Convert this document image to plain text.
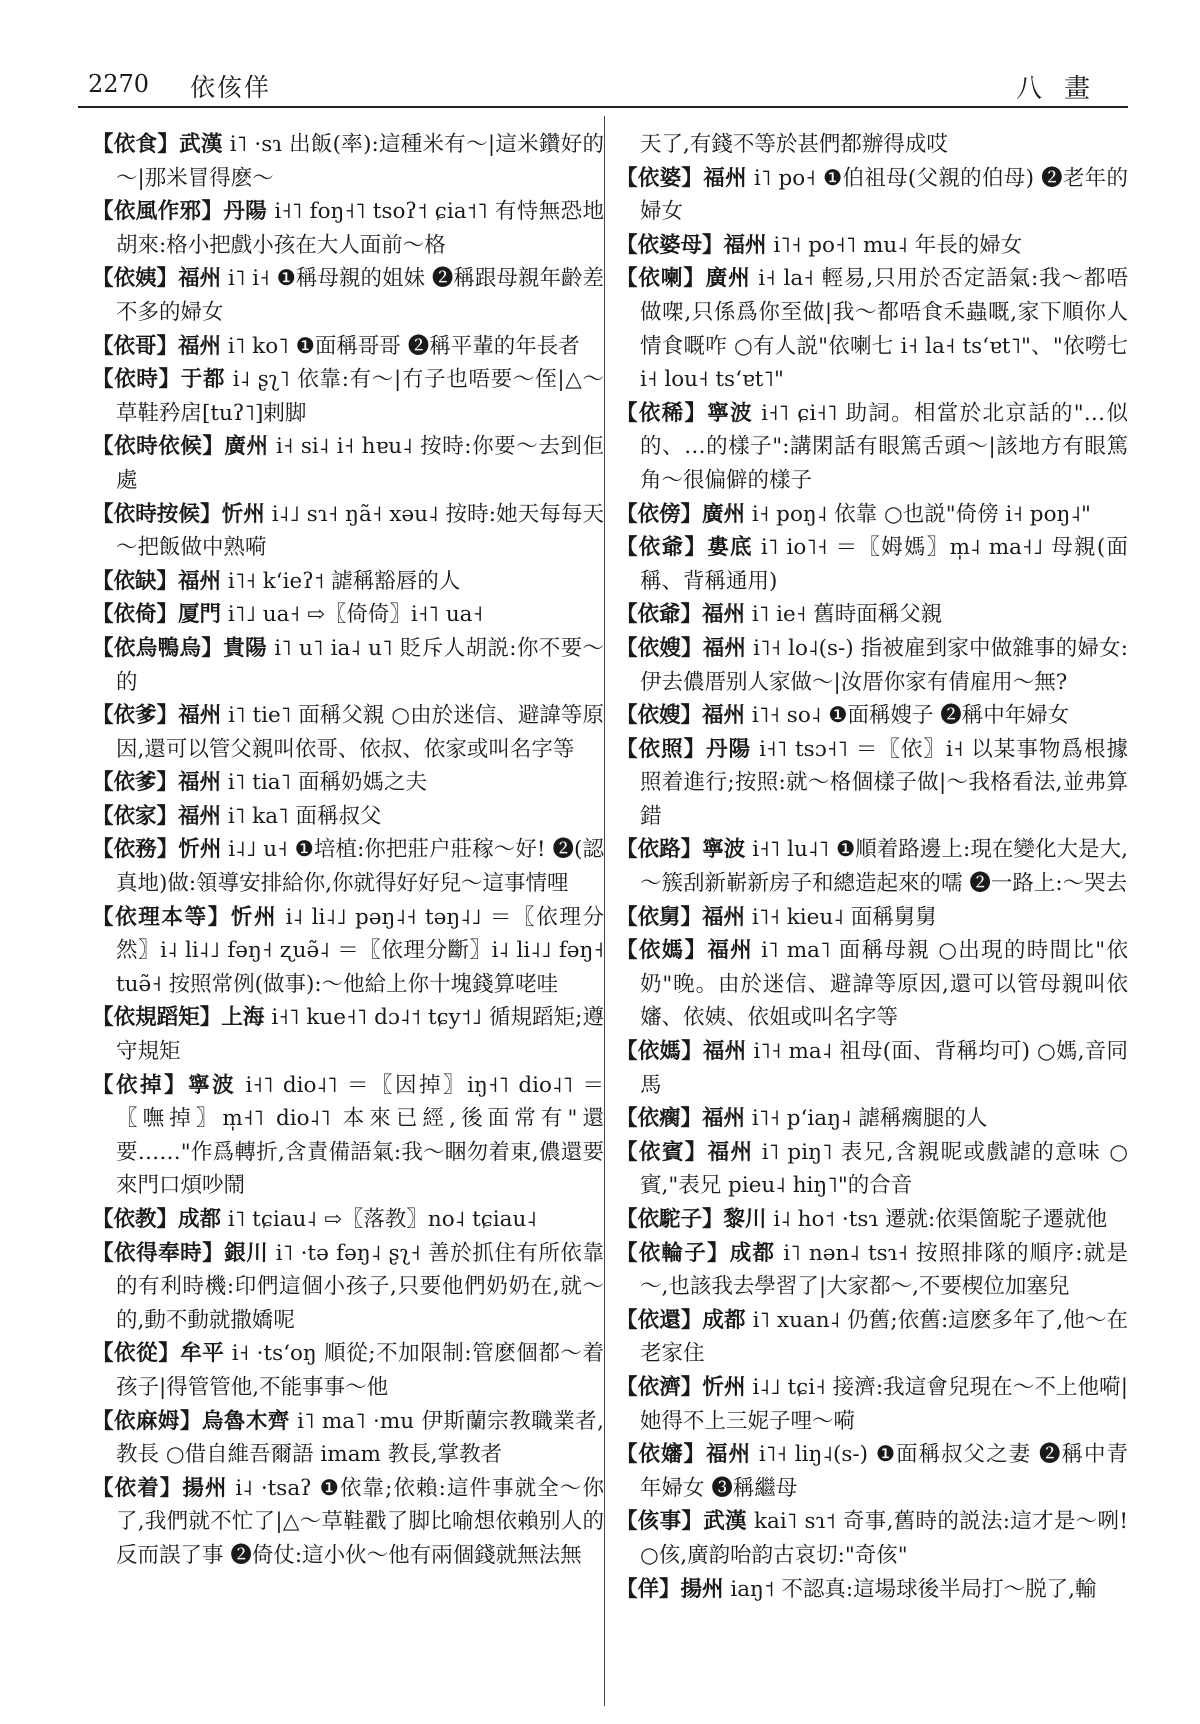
2270 依侅佯	八畫

【依食】武漢 i˥ ·sɿ 出飯(率):這種米有～|這米鑽好的～|那米冒得麽～

【依風作邪】丹陽 i˧˥ foŋ˧˥ tsoʔ˦ ɕia˦˥ 有恃無恐地胡來:格小把戲小孩在大人面前～格

【依姨】福州 i˥ i˧ ❶稱母親的姐妹 ❷稱跟母親年齡差不多的婦女

【依哥】福州 i˥ ko˥ ❶面稱哥哥 ❷稱平輩的年長者

【依時】于都 i˨ ʂʅ˥ 依靠:有～|冇子也唔要～侄|△～草鞋矜扂[tuʔ˥]剌脚

【依時依候】廣州 i˧ si˨ i˧ hɐu˨ 按時:你要～去到佢處

【依時按候】忻州 i˨˩ sɿ˧ ŋã˧ xəu˨ 按時:她天每每天～把飯做中熟嗬

【依缺】福州 i˥˧ kʻieʔ˦ 謔稱豁唇的人

【依倚】厦門 i˥˩ ua˧ ⇨〖倚倚〗i˧˥ ua˧

【依烏鴨烏】貴陽 i˥ u˥ ia˨ u˥ 貶斥人胡説:你不要～的

【依爹】福州 i˥ tie˥ 面稱父親 ○由於迷信、避諱等原因,還可以管父親叫依哥、依叔、依家或叫名字等

【依爹】福州 i˥ tia˥ 面稱奶媽之夫

【依家】福州 i˥ ka˥ 面稱叔父

【依務】忻州 i˨˩ u˧ ❶培植:你把莊户莊稼～好! ❷(認真地)做:領導安排給你,你就得好好兒～這事情哩

【依理本等】忻州 i˨ li˨˩ pəŋ˨˧ təŋ˨˩ ＝〖依理分然〗i˨ li˨˩ fəŋ˧ ʐuə̃˨ ＝〖依理分斷〗i˨ li˨˩ fəŋ˧ tuə̃˧ 按照常例(做事):～他給上你十塊錢算咾哇

【依規蹈矩】上海 i˧˥ kue˧˥ dɔ˨˦ tɕy˦˩ 循規蹈矩;遵守規矩

【依掉】寧波 i˧˥ dio˨˥ ＝〖因掉〗iŋ˧˥ dio˨˥ ＝〖嘸掉〗m̩˧˥ dio˨˥ 本來已經,後面常有"還要……"作爲轉折,含責備語氣:我～睏勿着東,儂還要來門口煩吵鬧

【依教】成都 i˥ tɕiau˨ ⇨〖落教〗no˨ tɕiau˨

【依得奉時】銀川 i˥ ·tə fəŋ˨ ʂʅ˧ 善於抓住有所依靠的有利時機:印們這個小孩子,只要他們奶奶在,就～的,動不動就撒嬌呢

【依從】牟平 i˧ ·tsʻoŋ 順從;不加限制:管麽個都～着孩子|得管管他,不能事事～他

【依麻姆】烏魯木齊 i˥ ma˥ ·mu 伊斯蘭宗教職業者,教長 ○借自維吾爾語 imam 教長,掌教者

【依着】揚州 i˨ ·tsaʔ ❶依靠;依賴:這件事就全～你了,我們就不忙了|△～草鞋戳了脚比喻想依賴别人的反而誤了事 ❷倚仗:這小伙～他有兩個錢就無法無

天了,有錢不等於甚們都辦得成哎

【依婆】福州 i˥ po˧ ❶伯祖母(父親的伯母) ❷老年的婦女

【依婆母】福州 i˥˧ po˧˥ mu˨ 年長的婦女

【依喇】廣州 i˧ la˧ 輕易,只用於否定語氣:我～都唔做㗎,只係爲你至做|我～都唔食禾蟲嘅,家下順你人情食嘅咋 ○有人説"依喇七 i˧ la˧ tsʻɐt˥"、"依嘮七 i˧ lou˧ tsʻɐt˥"

【依稀】寧波 i˧˥ ɕi˧˥ 助詞。相當於北京話的"…似的、…的樣子":講閑話有眼篤舌頭～|該地方有眼篤角～很偏僻的樣子

【依傍】廣州 i˧ poŋ˨ 依靠 ○也説"倚傍 i˧ poŋ˨"

【依爺】婁底 i˥ io˥˧ ＝〖姆媽〗m̩˨ ma˧˩ 母親(面稱、背稱通用)

【依爺】福州 i˥ ie˧ 舊時面稱父親

【依嫂】福州 i˥˧ lo˨(s-) 指被雇到家中做雜事的婦女:伊去儂厝别人家做～|汝厝你家有倩雇用～無?

【依嫂】福州 i˥˧ so˨ ❶面稱嫂子 ❷稱中年婦女

【依照】丹陽 i˧˥ tsɔ˧˥ ＝〖依〗i˧ 以某事物爲根據照着進行;按照:就～格個樣子做|～我格看法,並弗算錯

【依路】寧波 i˧˥ lu˨˥ ❶順着路邊上:現在變化大是大,～簇刮新嶄新房子和總造起來的嚅 ❷一路上:～哭去

【依舅】福州 i˥˧ kieu˨ 面稱舅舅

【依媽】福州 i˥ ma˥ 面稱母親 ○出現的時間比"依奶"晚。由於迷信、避諱等原因,還可以管母親叫依嬸、依姨、依姐或叫名字等

【依媽】福州 i˥˧ ma˨ 祖母(面、背稱均可) ○媽,音同馬

【依瘸】福州 i˥˧ pʻiaŋ˨ 謔稱瘸腿的人

【依賓】福州 i˥ piŋ˥ 表兄,含親昵或戲謔的意味 ○賓,"表兄 pieu˨ hiŋ˥"的合音

【依駝子】黎川 i˨ ho˦ ·tsɿ 遷就:依渠箇駝子遷就他

【依輪子】成都 i˥ nən˨ tsɿ˧ 按照排隊的順序:就是～,也該我去學習了|大家都～,不要楔位加塞兒

【依還】成都 i˥ xuan˨ 仍舊;依舊:這麽多年了,他～在老家住

【依濟】忻州 i˨˩ tɕi˧ 接濟:我這會兒現在～不上他嗬|她得不上三妮子哩～嗬

【依嬸】福州 i˥˧ liŋ˨(s-) ❶面稱叔父之妻 ❷稱中青年婦女 ❸稱繼母

【侅事】武漢 kai˥ sɿ˦ 奇事,舊時的説法:這才是～咧! ○侅,廣韵咍韵古哀切:"奇侅"

【佯】揚州 iaŋ˦ 不認真:這場球後半局打～脱了,輸
